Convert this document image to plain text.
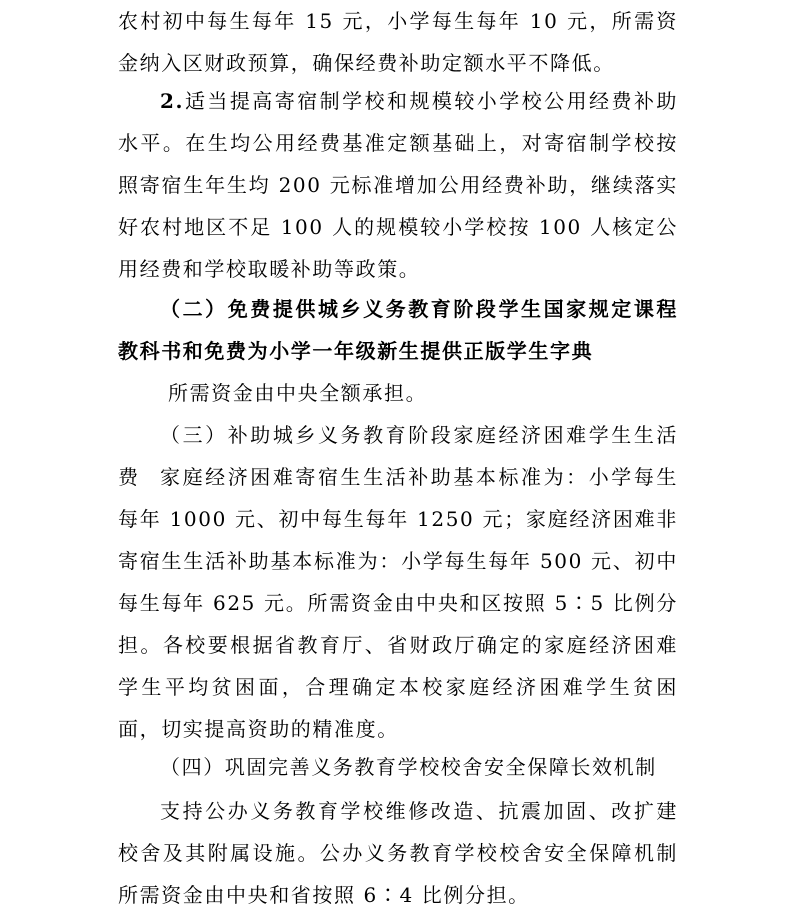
农村初中每生每年 15 元，小学每生每年 10 元，所需资金纳入区财政预算，确保经费补助定额水平不降低。

2.适当提高寄宿制学校和规模较小学校公用经费补助水平。在生均公用经费基准定额基础上，对寄宿制学校按照寄宿生年生均 200 元标准增加公用经费补助，继续落实好农村地区不足 100 人的规模较小学校按 100 人核定公用经费和学校取暖补助等政策。

（二）免费提供城乡义务教育阶段学生国家规定课程教科书和免费为小学一年级新生提供正版学生字典

所需资金由中央全额承担。

（三）补助城乡义务教育阶段家庭经济困难学生生活费	家庭经济困难寄宿生生活补助基本标准为：小学每生每年 1000 元、初中每生每年 1250 元；家庭经济困难非寄宿生生活补助基本标准为：小学每生每年 500 元、初中每生每年 625 元。所需资金由中央和区按照 5∶5 比例分担。各校要根据省教育厅、省财政厅确定的家庭经济困难学生平均贫困面，合理确定本校家庭经济困难学生贫困面，切实提高资助的精准度。

（四）巩固完善义务教育学校校舍安全保障长效机制

支持公办义务教育学校维修改造、抗震加固、改扩建校舍及其附属设施。公办义务教育学校校舍安全保障机制所需资金由中央和省按照 6∶4 比例分担。
